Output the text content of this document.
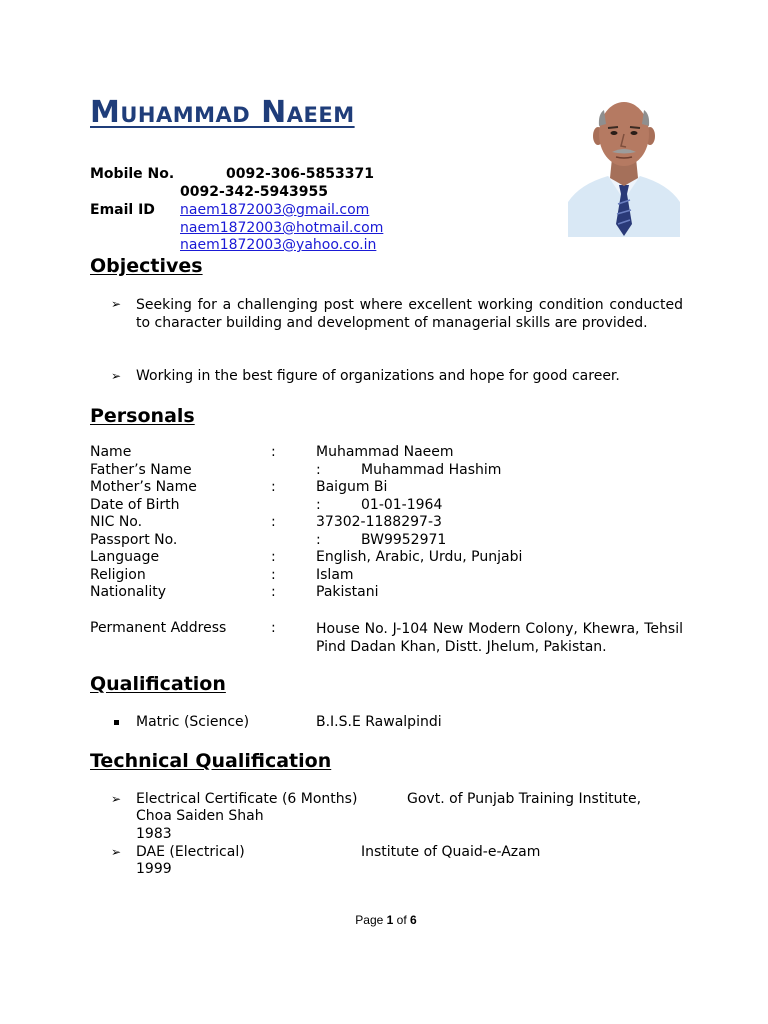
Muhammad Naeem
Mobile No.	0092-306-5853371
0092-342-5943955
Email ID naem1872003@gmail.com
naem1872003@hotmail.com
naem1872003@yahoo.co.in
Objectives
➢ Seeking for a challenging post where excellent working condition conducted to character building and development of managerial skills are provided.
➢ Working in the best figure of organizations and hope for good career.
Personals
Name	:	Muhammad Naeem
Father’s Name	:	Muhammad Hashim
Mother’s Name	:	Baigum Bi
Date of Birth	:	01-01-1964
NIC No.	:	37302-1188297-3
Passport No.	:	BW9952971
Language	:	English, Arabic, Urdu, Punjabi
Religion	:	Islam
Nationality	:	Pakistani
Permanent Address	:	House No. J-104 New Modern Colony, Khewra, Tehsil Pind Dadan Khan, Distt. Jhelum, Pakistan.
Qualification
Matric (Science)	B.I.S.E Rawalpindi
Technical Qualification
➢ Electrical Certificate (6 Months)	Govt. of Punjab Training Institute,
Choa Saiden Shah
1983
➢ DAE (Electrical)	Institute of Quaid-e-Azam
1999
Page 1 of 6
